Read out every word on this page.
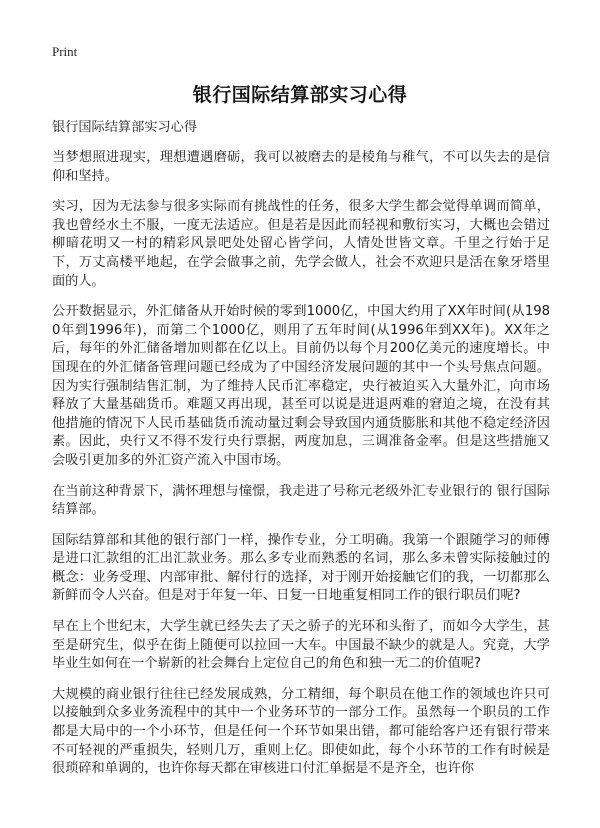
Print
银行国际结算部实习心得
银行国际结算部实习心得

当梦想照进现实，理想遭遇磨砺，我可以被磨去的是棱角与稚气，不可以失去的是信仰和坚持。

实习，因为无法参与很多实际而有挑战性的任务，很多大学生都会觉得单调而简单，我也曾经水土不服，一度无法适应。但是若是因此而轻视和敷衍实习，大概也会错过柳暗花明又一村的精彩风景吧处处留心皆学问，人情处世皆文章。千里之行始于足下，万丈高楼平地起，在学会做事之前，先学会做人，社会不欢迎只是活在象牙塔里面的人。

公开数据显示，外汇储备从开始时候的零到1000亿，中国大约用了XX年时间(从1980年到1996年)，而第二个1000亿，则用了五年时间(从1996年到XX年)。XX年之后，每年的外汇储备增加则都在亿以上。目前仍以每个月200亿美元的速度增长。中国现在的外汇储备管理问题已经成为了中国经济发展问题的其中一个头号焦点问题。因为实行强制结售汇制，为了维持人民币汇率稳定，央行被迫买入大量外汇，向市场释放了大量基础货币。难题又再出现，甚至可以说是进退两难的窘迫之境，在没有其他措施的情况下人民币基础货币流动量过剩会导致国内通货膨胀和其他不稳定经济因素。因此，央行又不得不发行央行票据，两度加息，三调准备金率。但是这些措施又会吸引更加多的外汇资产流入中国市场。

在当前这种背景下，满怀理想与憧憬，我走进了号称元老级外汇专业银行的 银行国际结算部。

国际结算部和其他的银行部门一样，操作专业，分工明确。我第一个跟随学习的师傅是进口汇款组的汇出汇款业务。那么多专业而熟悉的名词，那么多未曾实际接触过的概念：业务受理、内部审批、解付行的选择，对于刚开始接触它们的我，一切都那么新鲜而令人兴奋。但是对于年复一年、日复一日地重复相同工作的银行职员们呢?

早在上个世纪末，大学生就已经失去了天之骄子的光环和头衔了，而如今大学生，甚至是研究生，似乎在街上随便可以拉回一大车。中国最不缺少的就是人。究竟，大学毕业生如何在一个崭新的社会舞台上定位自己的角色和独一无二的价值呢?

大规模的商业银行往往已经发展成熟，分工精细，每个职员在他工作的领域也许只可以接触到众多业务流程中的其中一个业务环节的一部分工作。虽然每一个职员的工作都是大局中的一个小环节，但是任何一个环节如果出错，都可能给客户还有银行带来不可轻视的严重损失，轻则几万，重则上亿。即使如此，每个小环节的工作有时候是很琐碎和单调的，也许你每天都在审核进口付汇单据是不是齐全，也许你
